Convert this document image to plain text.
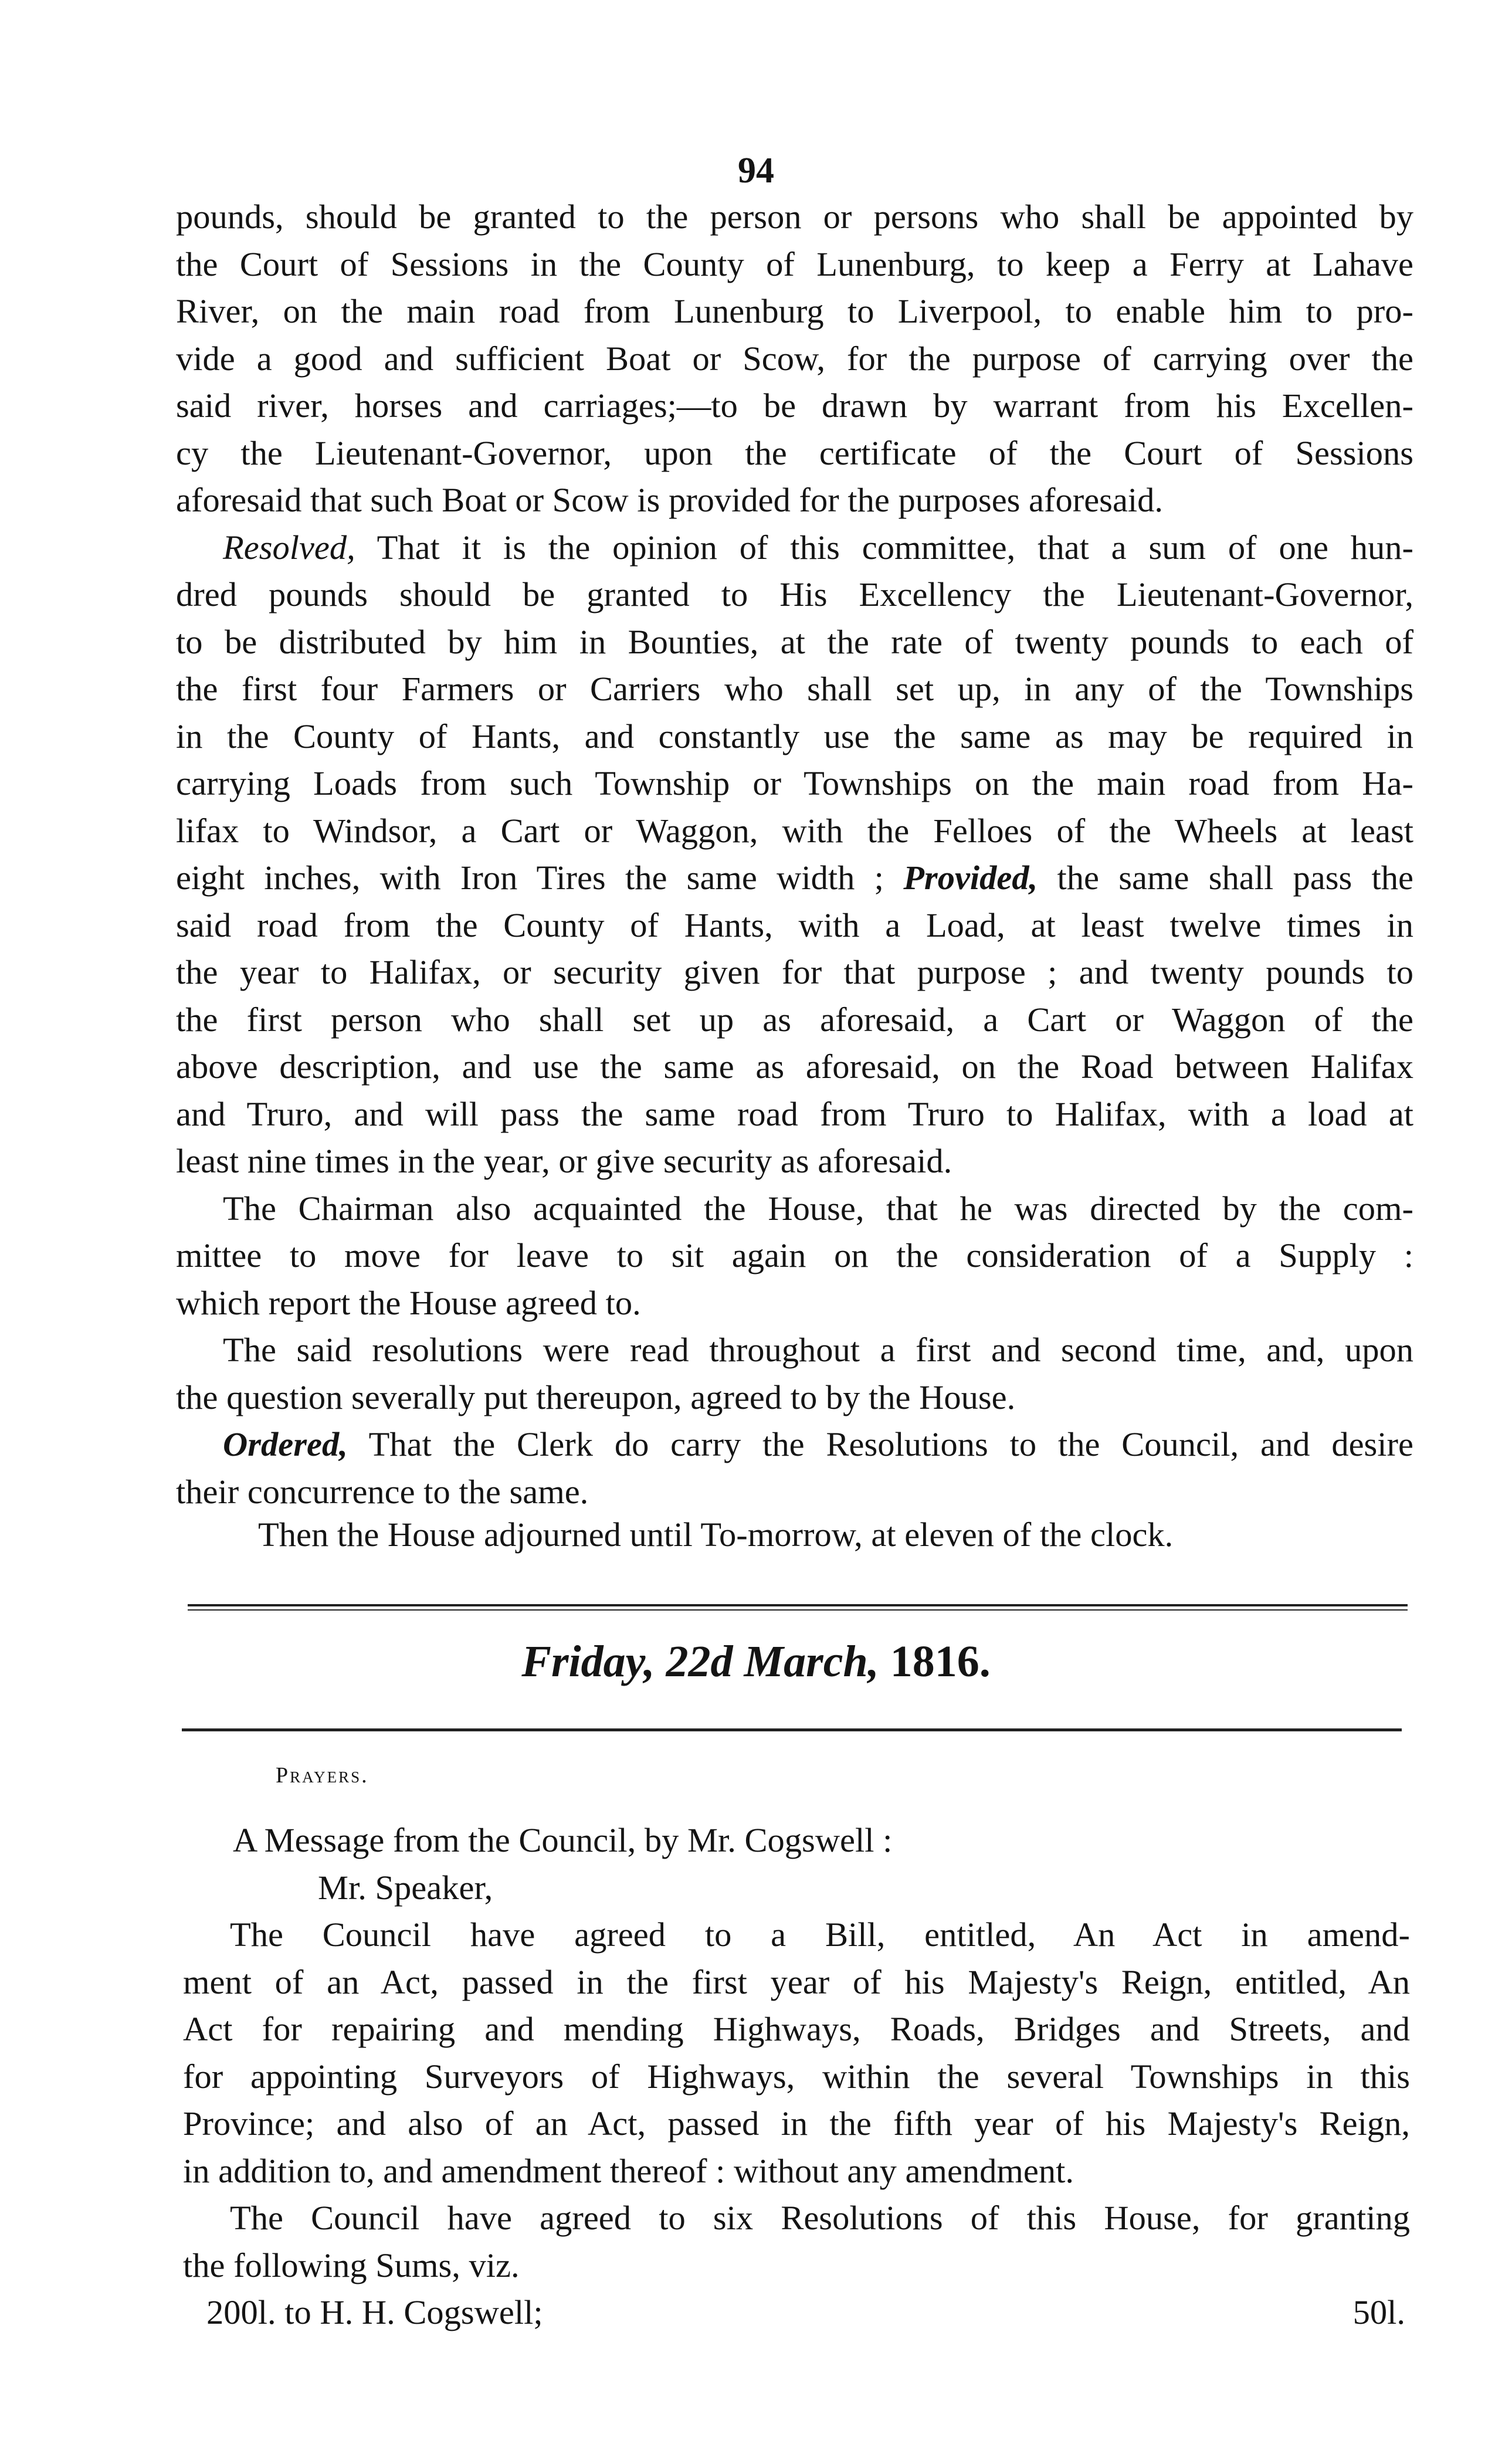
94

pounds, should be granted to the person or persons who shall be appointed by

the Court of Sessions in the County of Lunenburg, to keep a Ferry at Lahave

River, on the main road from Lunenburg to Liverpool, to enable him to pro-

vide a good and sufficient Boat or Scow, for the purpose of carrying over the

said river, horses and carriages;—to be drawn by warrant from his Excellen-

cy the Lieutenant-Governor, upon the certificate of the Court of Sessions

aforesaid that such Boat or Scow is provided for the purposes aforesaid.

Resolved, That it is the opinion of this committee, that a sum of one hun-

dred pounds should be granted to His Excellency the Lieutenant-Governor,

to be distributed by him in Bounties, at the rate of twenty pounds to each of

the first four Farmers or Carriers who shall set up, in any of the Townships

in the County of Hants, and constantly use the same as may be required in

carrying Loads from such Township or Townships on the main road from Ha-

lifax to Windsor, a Cart or Waggon, with the Felloes of the Wheels at least

eight inches, with Iron Tires the same width ; Provided, the same shall pass the

said road from the County of Hants, with a Load, at least twelve times in

the year to Halifax, or security given for that purpose ; and twenty pounds to

the first person who shall set up as aforesaid, a Cart or Waggon of the

above description, and use the same as aforesaid, on the Road between Halifax

and Truro, and will pass the same road from Truro to Halifax, with a load at

least nine times in the year, or give security as aforesaid.

The Chairman also acquainted the House, that he was directed by the com-

mittee to move for leave to sit again on the consideration of a Supply :

which report the House agreed to.

The said resolutions were read throughout a first and second time, and, upon

the question severally put thereupon, agreed to by the House.

Ordered, That the Clerk do carry the Resolutions to the Council, and desire

their concurrence to the same.

Then the House adjourned until To-morrow, at eleven of the clock.
Friday, 22d March, 1816.
Prayers.

A Message from the Council, by Mr. Cogswell :

Mr. Speaker,

The Council have agreed to a Bill, entitled, An Act in amend-

ment of an Act, passed in the first year of his Majesty's Reign, entitled, An

Act for repairing and mending Highways, Roads, Bridges and Streets, and

for appointing Surveyors of Highways, within the several Townships in this

Province; and also of an Act, passed in the fifth year of his Majesty's Reign,

in addition to, and amendment thereof : without any amendment.

The Council have agreed to six Resolutions of this House, for granting

the following Sums, viz.

200l. to H. H. Cogswell;	50l.
